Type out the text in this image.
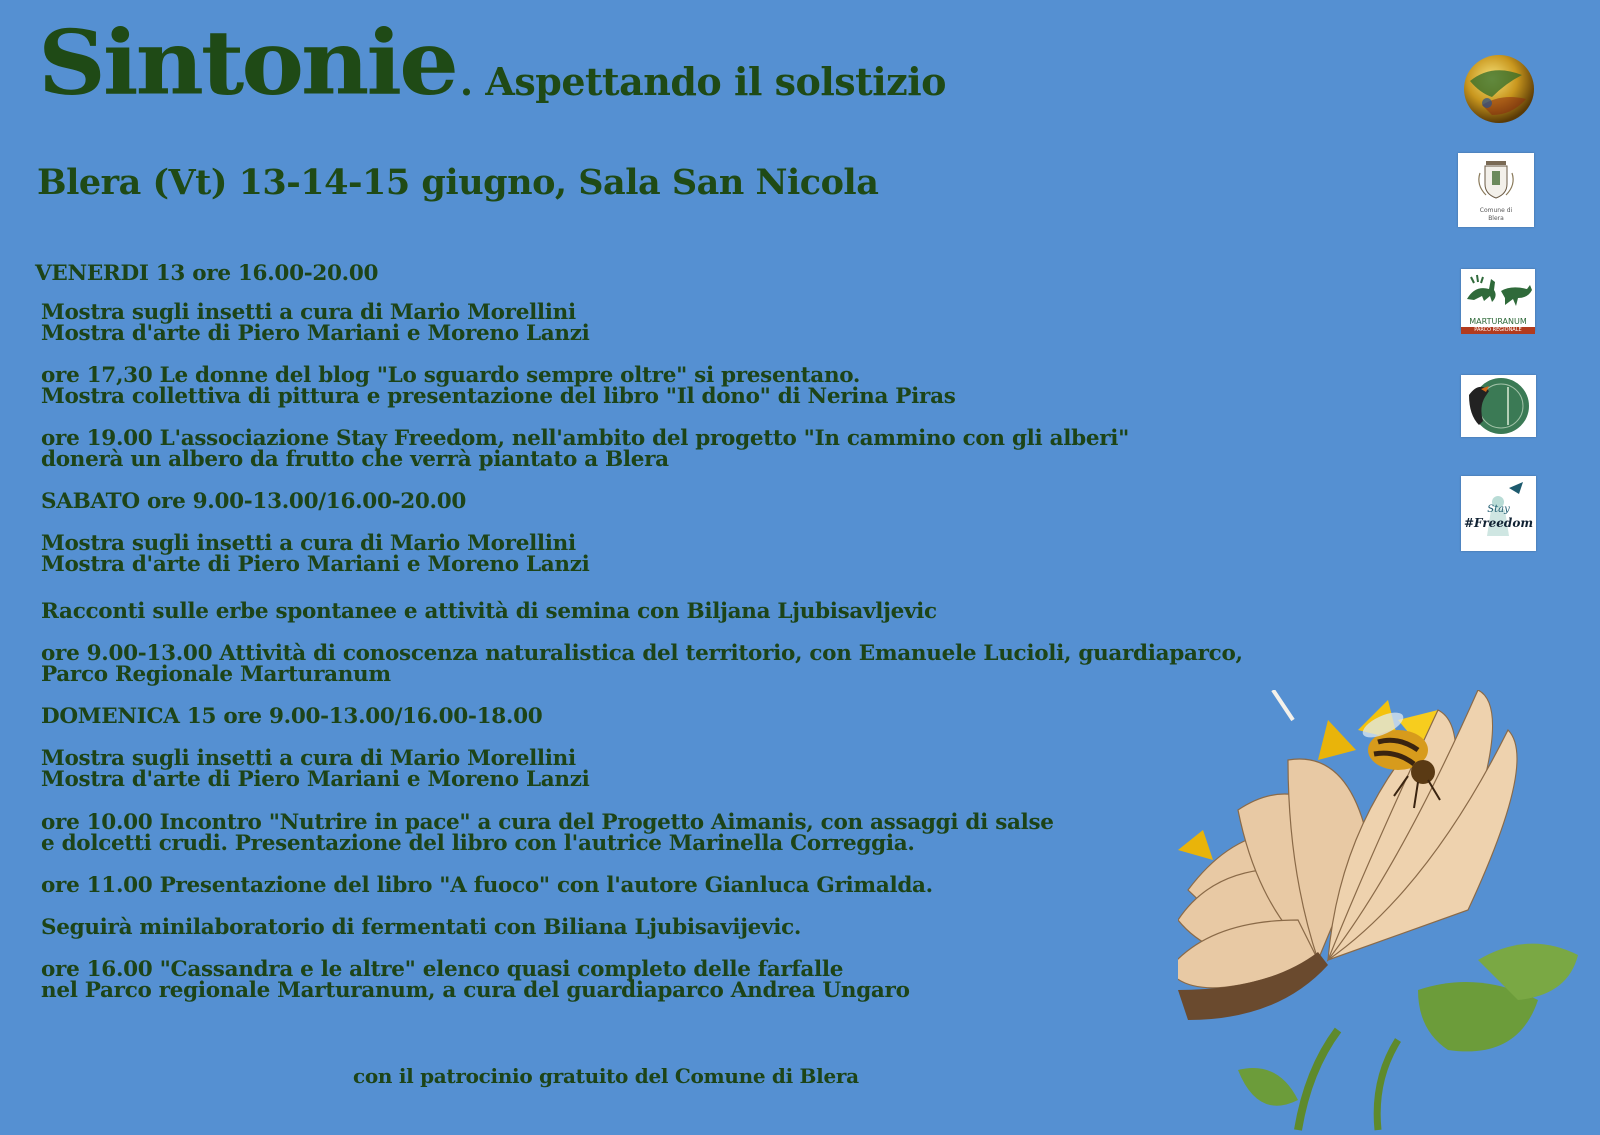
Sintonie . Aspettando il solstizio
Blera (Vt) 13-14-15 giugno, Sala San Nicola
VENERDI 13 ore 16.00-20.00
Mostra sugli insetti a cura di Mario Morellini
Mostra d'arte di Piero Mariani e Moreno Lanzi
ore 17,30 Le donne del blog "Lo sguardo sempre oltre" si presentano.
Mostra collettiva di pittura e presentazione del libro "Il dono" di Nerina Piras
ore 19.00 L'associazione Stay Freedom, nell'ambito del progetto "In cammino con gli alberi"
donerà un albero da frutto che verrà piantato a Blera
SABATO ore 9.00-13.00/16.00-20.00
Mostra sugli insetti a cura di Mario Morellini
Mostra d'arte di Piero Mariani e Moreno Lanzi
Racconti sulle erbe spontanee e attività di semina con Biljana Ljubisavljevic
ore 9.00-13.00 Attività di conoscenza naturalistica del territorio, con Emanuele Lucioli, guardiaparco,
Parco Regionale Marturanum
DOMENICA 15 ore 9.00-13.00/16.00-18.00
Mostra sugli insetti a cura di Mario Morellini
Mostra d'arte di Piero Mariani e Moreno Lanzi
ore 10.00 Incontro "Nutrire in pace" a cura del Progetto Aimanis, con assaggi di salse
e dolcetti crudi. Presentazione del libro con l'autrice Marinella Correggia.
ore 11.00 Presentazione del libro "A fuoco" con l'autore Gianluca Grimalda.
Seguirà minilaboratorio di fermentati con Biliana Ljubisavijevic.
ore 16.00 "Cassandra e le altre" elenco quasi completo delle farfalle
nel Parco regionale Marturanum, a cura del guardiaparco Andrea Ungaro
con il patrocinio gratuito del Comune di Blera
Comune di
Blera
MARTURANUM
PARCO REGIONALE
Stay
#Freedom
